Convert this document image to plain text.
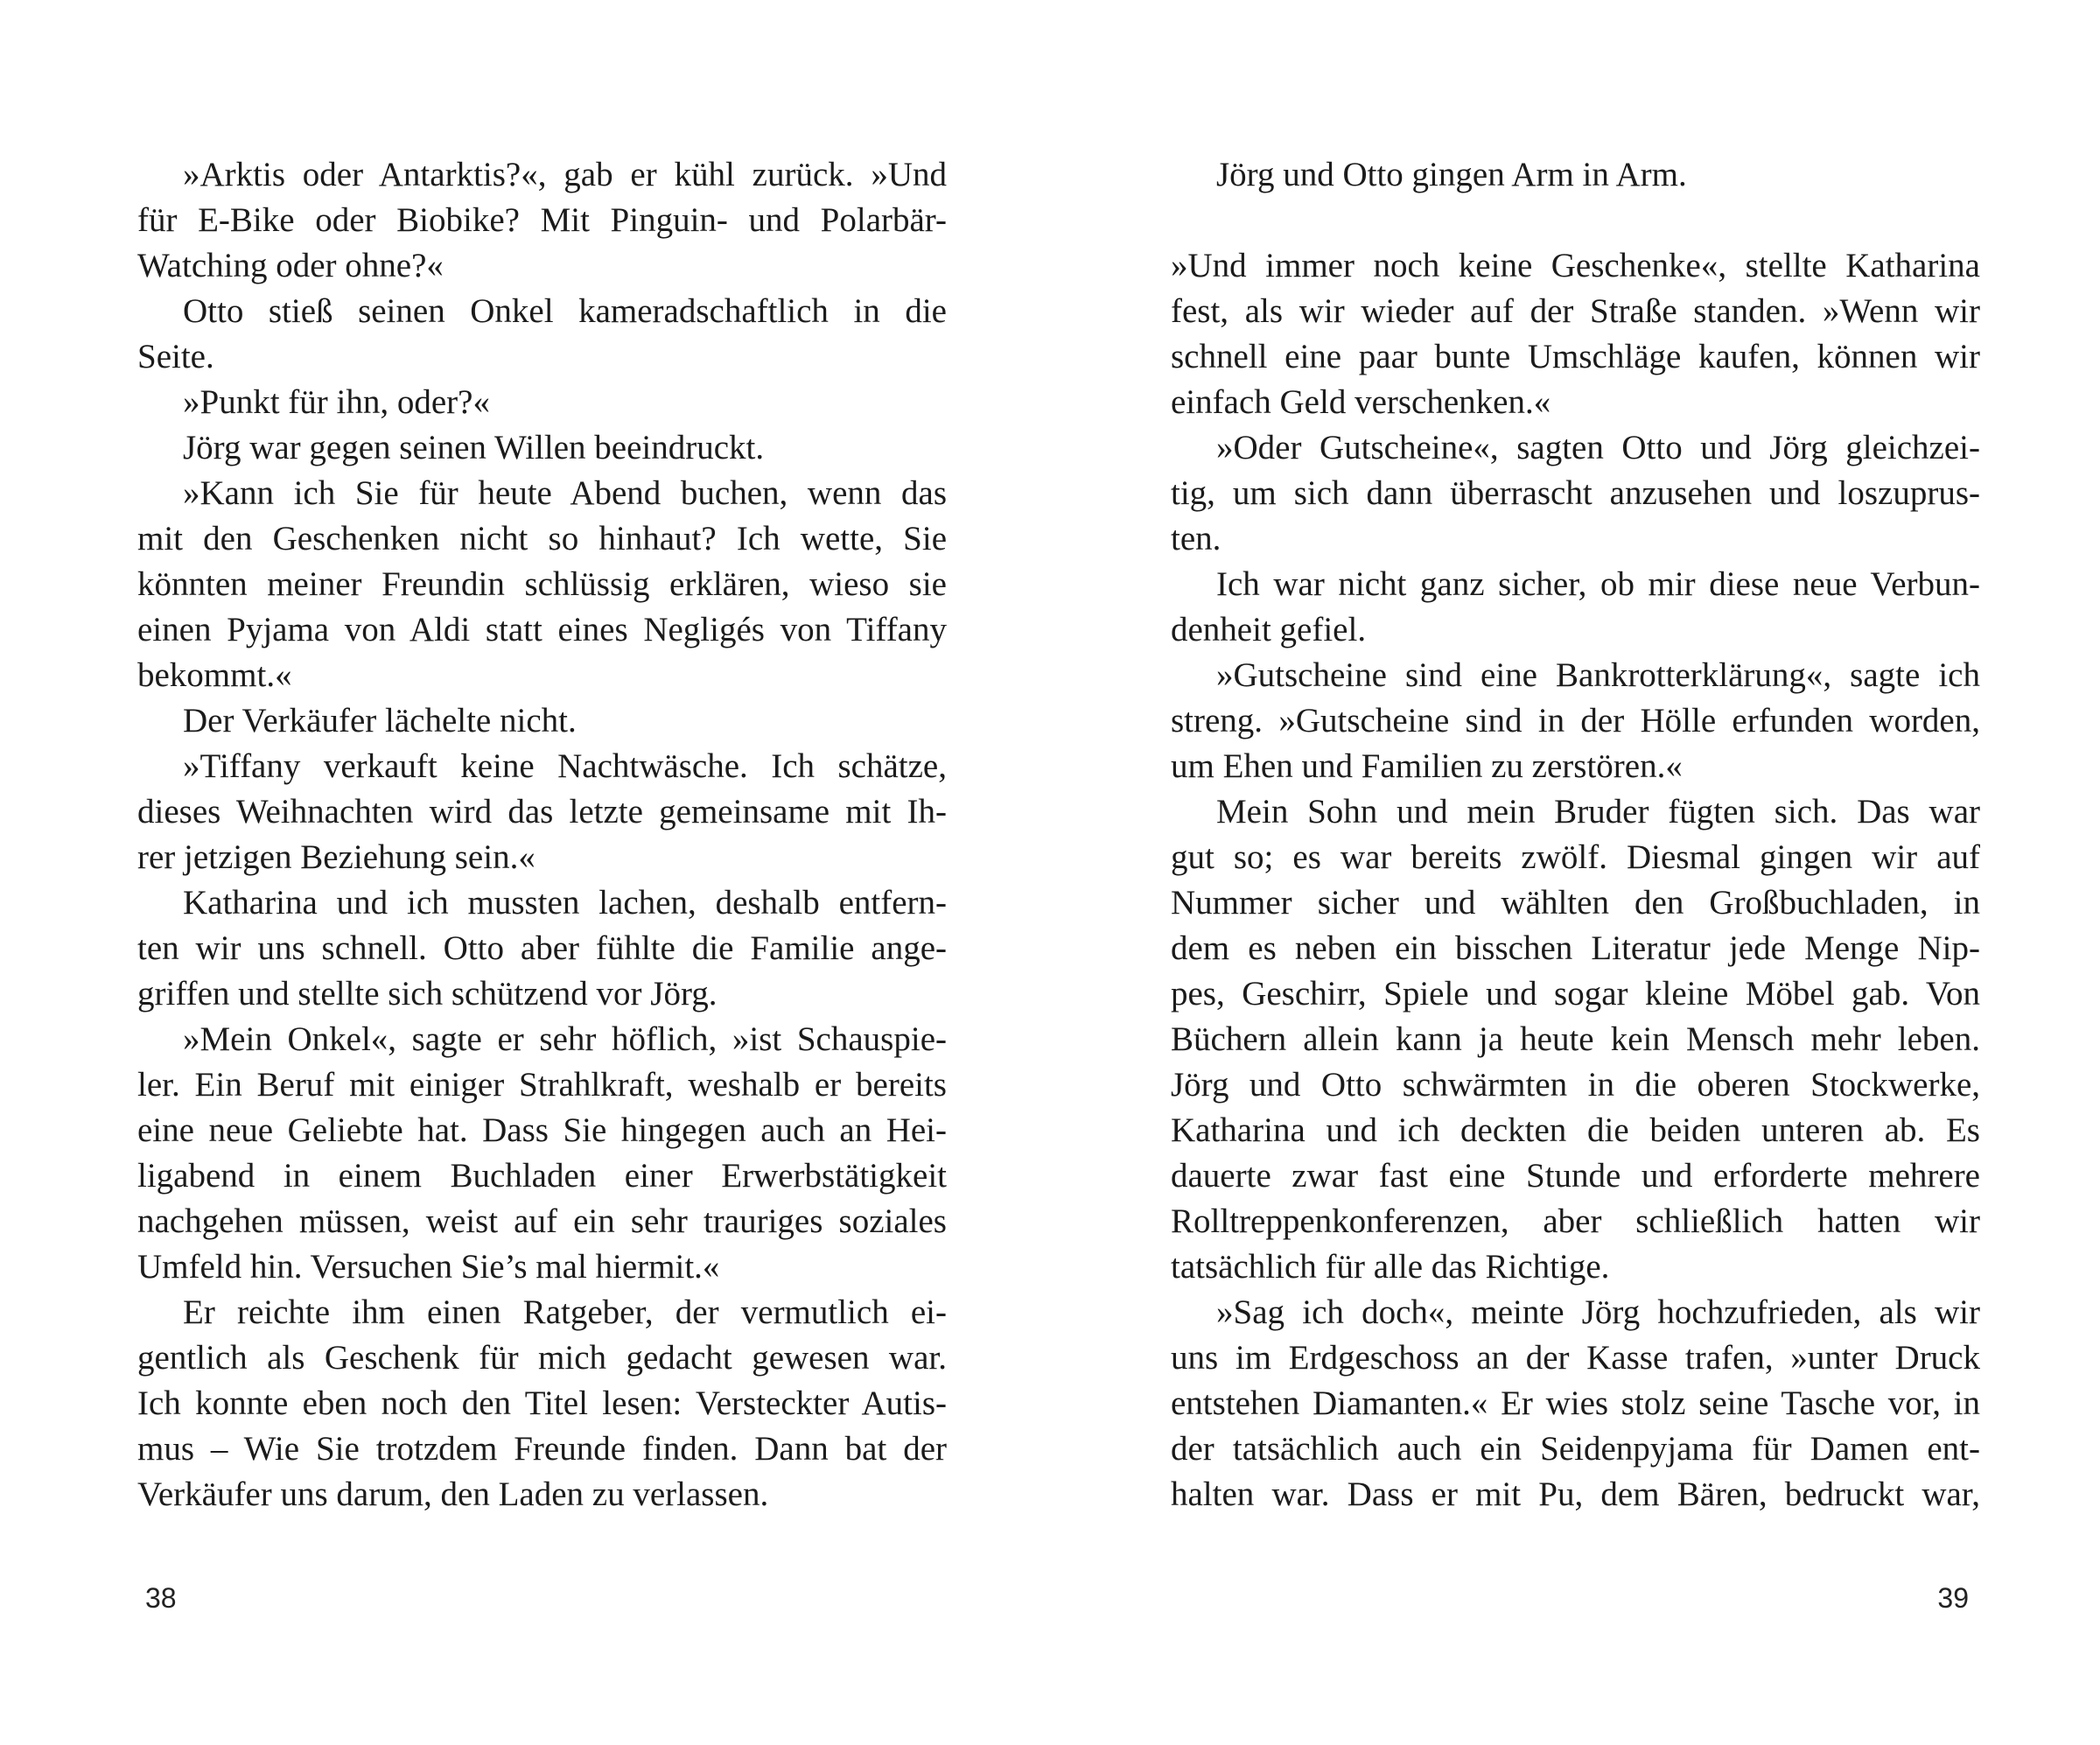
»Arktis oder Antarktis?«, gab er kühl zurück. »Und
für E-Bike oder Biobike? Mit Pinguin- und Polarbär-
Watching oder ohne?«
Otto stieß seinen Onkel kameradschaftlich in die
Seite.
»Punkt für ihn, oder?«
Jörg war gegen seinen Willen beeindruckt.
»Kann ich Sie für heute Abend buchen, wenn das
mit den Geschenken nicht so hinhaut? Ich wette, Sie
könnten meiner Freundin schlüssig erklären, wieso sie
einen Pyjama von Aldi statt eines Negligés von Tiffany
bekommt.«
Der Verkäufer lächelte nicht.
»Tiffany verkauft keine Nachtwäsche. Ich schätze,
dieses Weihnachten wird das letzte gemeinsame mit Ih-
rer jetzigen Beziehung sein.«
Katharina und ich mussten lachen, deshalb entfern-
ten wir uns schnell. Otto aber fühlte die Familie ange-
griffen und stellte sich schützend vor Jörg.
»Mein Onkel«, sagte er sehr höflich, »ist Schauspie-
ler. Ein Beruf mit einiger Strahlkraft, weshalb er bereits
eine neue Geliebte hat. Dass Sie hingegen auch an Hei-
ligabend in einem Buchladen einer Erwerbstätigkeit
nachgehen müssen, weist auf ein sehr trauriges soziales
Umfeld hin. Versuchen Sie’s mal hiermit.«
Er reichte ihm einen Ratgeber, der vermutlich ei-
gentlich als Geschenk für mich gedacht gewesen war.
Ich konnte eben noch den Titel lesen: Versteckter Autis-
mus – Wie Sie trotzdem Freunde finden. Dann bat der
Verkäufer uns darum, den Laden zu verlassen.
38
Jörg und Otto gingen Arm in Arm.
»Und immer noch keine Geschenke«, stellte Katharina
fest, als wir wieder auf der Straße standen. »Wenn wir
schnell eine paar bunte Umschläge kaufen, können wir
einfach Geld verschenken.«
»Oder Gutscheine«, sagten Otto und Jörg gleichzei-
tig, um sich dann überrascht anzusehen und loszuprus-
ten.
Ich war nicht ganz sicher, ob mir diese neue Verbun-
denheit gefiel.
»Gutscheine sind eine Bankrotterklärung«, sagte ich
streng. »Gutscheine sind in der Hölle erfunden worden,
um Ehen und Familien zu zerstören.«
Mein Sohn und mein Bruder fügten sich. Das war
gut so; es war bereits zwölf. Diesmal gingen wir auf
Nummer sicher und wählten den Großbuchladen, in
dem es neben ein bisschen Literatur jede Menge Nip-
pes, Geschirr, Spiele und sogar kleine Möbel gab. Von
Büchern allein kann ja heute kein Mensch mehr leben.
Jörg und Otto schwärmten in die oberen Stockwerke,
Katharina und ich deckten die beiden unteren ab. Es
dauerte zwar fast eine Stunde und erforderte mehrere
Rolltreppenkonferenzen, aber schließlich hatten wir
tatsächlich für alle das Richtige.
»Sag ich doch«, meinte Jörg hochzufrieden, als wir
uns im Erdgeschoss an der Kasse trafen, »unter Druck
entstehen Diamanten.« Er wies stolz seine Tasche vor, in
der tatsächlich auch ein Seidenpyjama für Damen ent-
halten war. Dass er mit Pu, dem Bären, bedruckt war,
39
